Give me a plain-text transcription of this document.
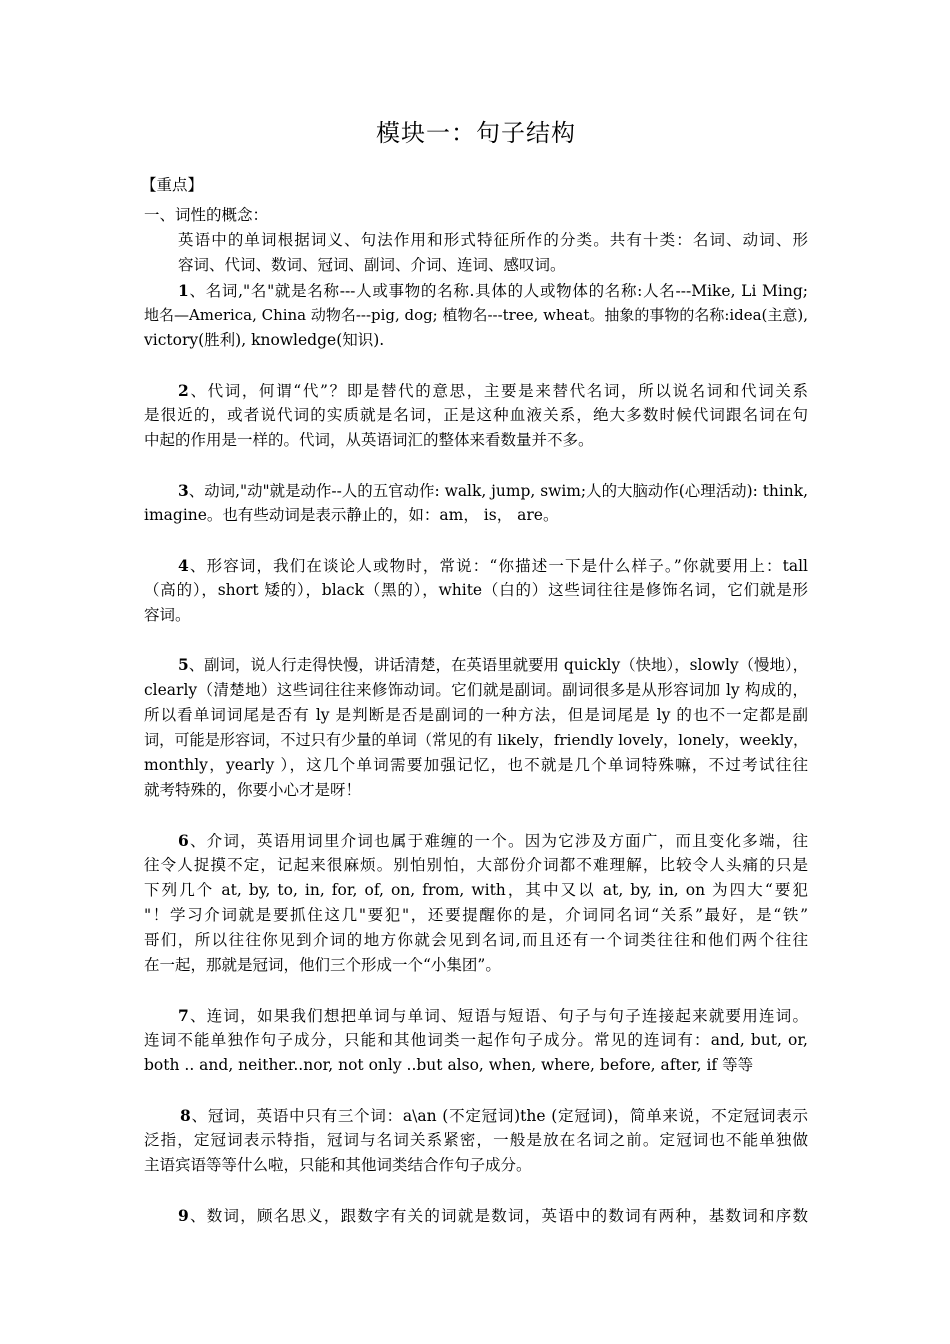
模块一：句子结构
【重点】
一、词性的概念：
英语中的单词根据词义、句法作用和形式特征所作的分类。共有十类：名词、动词、形
容词、代词、数词、冠词、副词、介词、连词、感叹词。
1、名词,"名"就是名称---人或事物的名称.具体的人或物体的名称:人名---Mike, Li Ming;
地名—America, China 动物名---pig, dog; 植物名---tree, wheat。抽象的事物的名称:idea(主意),
victory(胜利), knowledge(知识).
2、代词，何谓“代”？即是替代的意思，主要是来替代名词，所以说名词和代词关系
是很近的，或者说代词的实质就是名词，正是这种血液关系，绝大多数时候代词跟名词在句
中起的作用是一样的。代词，从英语词汇的整体来看数量并不多。
3、动词,"动"就是动作--人的五官动作: walk, jump, swim;人的大脑动作(心理活动): think,
imagine。也有些动词是表示静止的，如：am， is， are。
4、形容词，我们在谈论人或物时，常说：“你描述一下是什么样子。”你就要用上：tall
（高的），short 矮的），black（黑的），white（白的）这些词往往是修饰名词，它们就是形
容词。
5、副词，说人行走得快慢，讲话清楚，在英语里就要用 quickly（快地），slowly（慢地），
clearly（清楚地）这些词往往来修饰动词。它们就是副词。副词很多是从形容词加 ly 构成的，
所以看单词词尾是否有 ly 是判断是否是副词的一种方法，但是词尾是 ly 的也不一定都是副
词，可能是形容词，不过只有少量的单词（常见的有 likely，friendly lovely，lonely，weekly，
monthly，yearly ），这几个单词需要加强记忆，也不就是几个单词特殊嘛，不过考试往往
就考特殊的，你要小心才是呀！
6、介词，英语用词里介词也属于难缠的一个。因为它涉及方面广，而且变化多端，往
往令人捉摸不定，记起来很麻烦。别怕别怕，大部份介词都不难理解，比较令人头痛的只是
下列几个 at, by, to, in, for, of, on, from, with，其中又以 at, by, in, on 为四大“要犯
"！学习介词就是要抓住这几"要犯"，还要提醒你的是，介词同名词“关系”最好，是“铁”
哥们，所以往往你见到介词的地方你就会见到名词,而且还有一个词类往往和他们两个往往
在一起，那就是冠词，他们三个形成一个“小集团”。
7、连词，如果我们想把单词与单词、短语与短语、句子与句子连接起来就要用连词。
连词不能单独作句子成分，只能和其他词类一起作句子成分。常见的连词有：and, but, or,
both .. and, neither..nor, not only ..but also, when, where, before, after, if 等等
8、冠词，英语中只有三个词：a\an (不定冠词)the (定冠词)，简单来说，不定冠词表示
泛指，定冠词表示特指，冠词与名词关系紧密，一般是放在名词之前。定冠词也不能单独做
主语宾语等等什么啦，只能和其他词类结合作句子成分。
9、数词，顾名思义，跟数字有关的词就是数词，英语中的数词有两种，基数词和序数
